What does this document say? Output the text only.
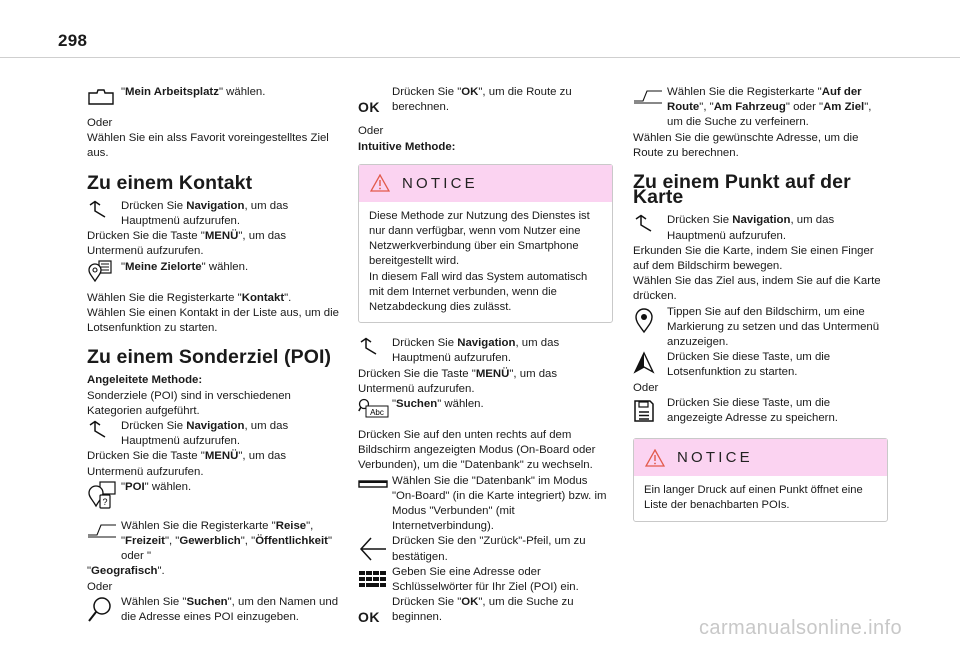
298
"Mein Arbeitsplatz" wählen.
Oder
Wählen Sie ein alss Favorit voreingestelltes Ziel aus.
Zu einem Kontakt
Drücken Sie Navigation, um das Hauptmenü aufzurufen.
Drücken Sie die Taste "MENÜ", um das Untermenü aufzurufen.
"Meine Zielorte" wählen.
Wählen Sie die Registerkarte "Kontakt".
Wählen Sie einen Kontakt in der Liste aus, um die Lotsenfunktion zu starten.
Zu einem Sonderziel (POI)
Angeleitete Methode:
Sonderziele (POI) sind in verschiedenen Kategorien aufgeführt.
Drücken Sie Navigation, um das Hauptmenü aufzurufen.
Drücken Sie die Taste "MENÜ", um das Untermenü aufzurufen.
?
"POI" wählen.
Wählen Sie die Registerkarte "Reise", "Freizeit", "Gewerblich", "Öffentlichkeit" oder "
"Geografisch".
Oder
Wählen Sie "Suchen", um den Namen und die Adresse eines POI einzugeben.
OK
Drücken Sie "OK", um die Route zu berechnen.
Oder
Intuitive Methode:
NOTICE
Diese Methode zur Nutzung des Dienstes ist nur dann verfügbar, wenn vom Nutzer eine Netzwerkverbindung über ein Smartphone bereitgestellt wird.
In diesem Fall wird das System automatisch mit dem Internet verbunden, wenn die Netzabdeckung dies zulässt.
Drücken Sie Navigation, um das Hauptmenü aufzurufen.
Drücken Sie die Taste "MENÜ", um das Untermenü aufzurufen.
Abc
"Suchen" wählen.
Drücken Sie auf den unten rechts auf dem Bildschirm angezeigten Modus (On-Board oder Verbunden), um die "Datenbank" zu wechseln.
Wählen Sie die "Datenbank" im Modus "On-Board" (in die Karte integriert) bzw. im Modus "Verbunden" (mit Internetverbindung).
Drücken Sie den "Zurück"-Pfeil, um zu bestätigen.
Geben Sie eine Adresse oder Schlüsselwörter für Ihr Ziel (POI) ein.
OK
Drücken Sie "OK", um die Suche zu beginnen.
Wählen Sie die Registerkarte "Auf der Route", "Am Fahrzeug" oder "Am Ziel", um die Suche zu verfeinern.
Wählen Sie die gewünschte Adresse, um die Route zu berechnen.
Zu einem Punkt auf der Karte
Drücken Sie Navigation, um das Hauptmenü aufzurufen.
Erkunden Sie die Karte, indem Sie einen Finger auf dem Bildschirm bewegen.
Wählen Sie das Ziel aus, indem Sie auf die Karte drücken.
Tippen Sie auf den Bildschirm, um eine Markierung zu setzen und das Untermenü anzuzeigen.
Drücken Sie diese Taste, um die Lotsenfunktion zu starten.
Oder
Drücken Sie diese Taste, um die angezeigte Adresse zu speichern.
NOTICE
Ein langer Druck auf einen Punkt öffnet eine Liste der benachbarten POIs.
carmanualsonline.info
